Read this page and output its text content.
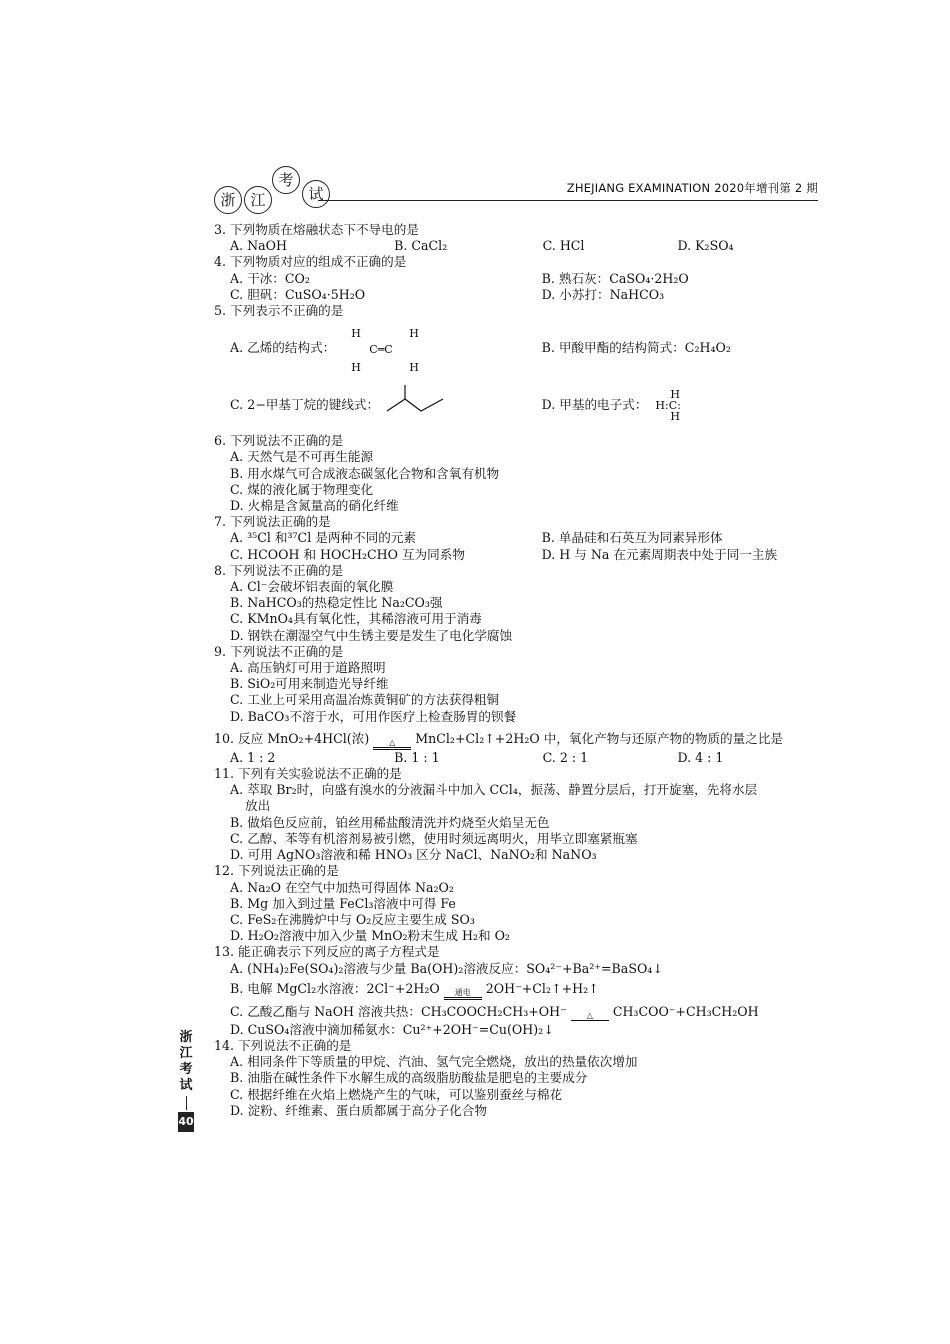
浙 江
考
试	ZHEJIANG EXAMINATION 2020年增刊第 2 期
浙江考试
40
3. 下列物质在熔融状态下不导电的是
A. NaOH	B. CaCl₂	C. HCl	D. K₂SO₄
4. 下列物质对应的组成不正确的是
A. 干冰：CO₂	B. 熟石灰：CaSO₄·2H₂O
C. 胆矾：CuSO₄·5H₂O	D. 小苏打：NaHCO₃
5. 下列表示不正确的是
A. 乙烯的结构式：
H	H
C═C
H	H
B. 甲酸甲酯的结构简式：C₂H₄O₂
C. 2−甲基丁烷的键线式：	D. 甲基的电子式：
H
H:C:
H
6. 下列说法不正确的是
A. 天然气是不可再生能源
B. 用水煤气可合成液态碳氢化合物和含氧有机物
C. 煤的液化属于物理变化
D. 火棉是含氮量高的硝化纤维
7. 下列说法正确的是
A. ³⁵Cl 和³⁷Cl 是两种不同的元素	B. 单晶硅和石英互为同素异形体
C. HCOOH 和 HOCH₂CHO 互为同系物	D. H 与 Na 在元素周期表中处于同一主族
8. 下列说法不正确的是
A. Cl⁻会破坏铝表面的氧化膜
B. NaHCO₃的热稳定性比 Na₂CO₃强
C. KMnO₄具有氧化性，其稀溶液可用于消毒
D. 钢铁在潮湿空气中生锈主要是发生了电化学腐蚀
9. 下列说法不正确的是
A. 高压钠灯可用于道路照明
B. SiO₂可用来制造光导纤维
C. 工业上可采用高温冶炼黄铜矿的方法获得粗铜
D. BaCO₃不溶于水，可用作医疗上检查肠胃的钡餐
10. 反应 MnO₂+4HCl(浓)	△	MnCl₂+Cl₂↑+2H₂O 中，氧化产物与还原产物的物质的量之比是
A. 1 : 2	B. 1 : 1	C. 2 : 1	D. 4 : 1
11. 下列有关实验说法不正确的是
A. 萃取 Br₂时，向盛有溴水的分液漏斗中加入 CCl₄，振荡、静置分层后，打开旋塞，先将水层
放出
B. 做焰色反应前，铂丝用稀盐酸清洗并灼烧至火焰呈无色
C. 乙醇、苯等有机溶剂易被引燃，使用时须远离明火，用毕立即塞紧瓶塞
D. 可用 AgNO₃溶液和稀 HNO₃ 区分 NaCl、NaNO₂和 NaNO₃
12. 下列说法正确的是
A. Na₂O 在空气中加热可得固体 Na₂O₂
B. Mg 加入到过量 FeCl₃溶液中可得 Fe
C. FeS₂在沸腾炉中与 O₂反应主要生成 SO₃
D. H₂O₂溶液中加入少量 MnO₂粉末生成 H₂和 O₂
13. 能正确表示下列反应的离子方程式是
A. (NH₄)₂Fe(SO₄)₂溶液与少量 Ba(OH)₂溶液反应：SO₄²⁻+Ba²⁺=BaSO₄↓
B. 电解 MgCl₂水溶液：2Cl⁻+2H₂O	通电	2OH⁻+Cl₂↑+H₂↑
C. 乙酸乙酯与 NaOH 溶液共热：CH₃COOCH₂CH₃+OH⁻	△	CH₃COO⁻+CH₃CH₂OH
D. CuSO₄溶液中滴加稀氨水：Cu²⁺+2OH⁻=Cu(OH)₂↓
14. 下列说法不正确的是
A. 相同条件下等质量的甲烷、汽油、氢气完全燃烧，放出的热量依次增加
B. 油脂在碱性条件下水解生成的高级脂肪酸盐是肥皂的主要成分
C. 根据纤维在火焰上燃烧产生的气味，可以鉴别蚕丝与棉花
D. 淀粉、纤维素、蛋白质都属于高分子化合物
